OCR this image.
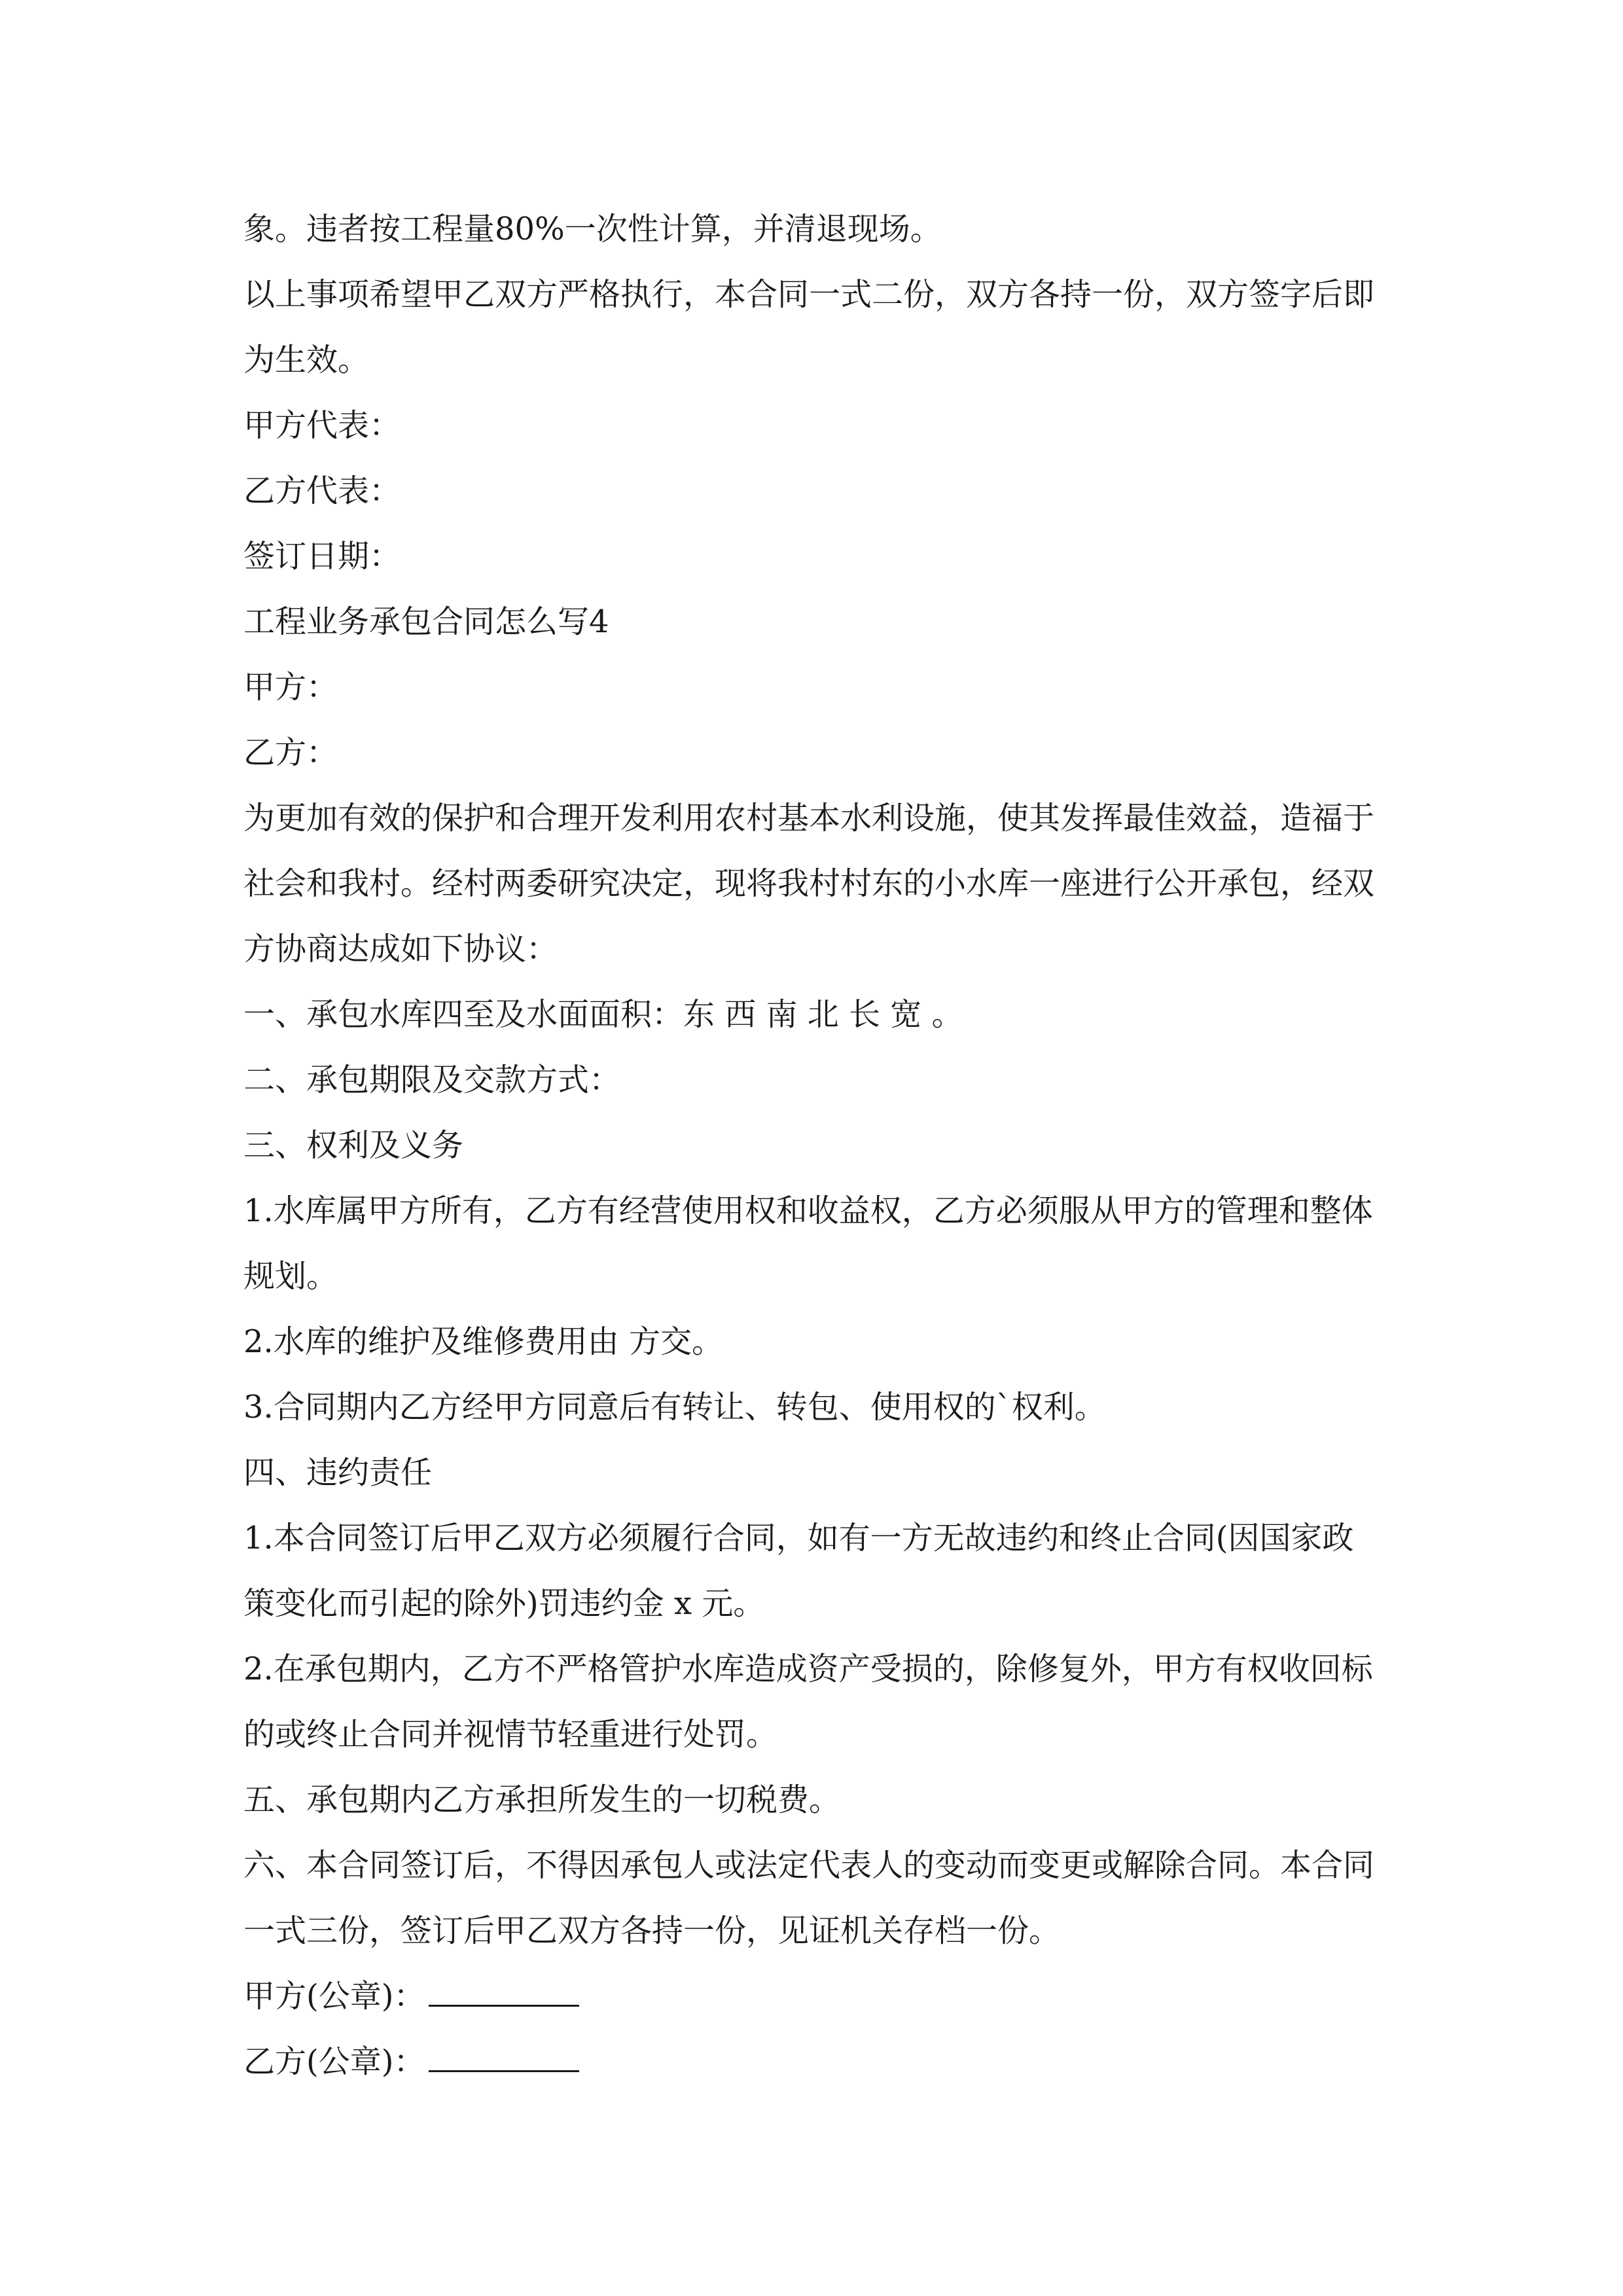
象。违者按工程量80%一次性计算，并清退现场。

以上事项希望甲乙双方严格执行，本合同一式二份，双方各持一份，双方签字后即为生效。

甲方代表：

乙方代表：

签订日期：

工程业务承包合同怎么写4

甲方：

乙方：

为更加有效的保护和合理开发利用农村基本水利设施，使其发挥最佳效益，造福于社会和我村。经村两委研究决定，现将我村村东的小水库一座进行公开承包，经双方协商达成如下协议：

一、承包水库四至及水面面积：东 西 南 北 长 宽 。

二、承包期限及交款方式：

三、权利及义务

1.水库属甲方所有，乙方有经营使用权和收益权，乙方必须服从甲方的管理和整体规划。

2.水库的维护及维修费用由 方交。

3.合同期内乙方经甲方同意后有转让、转包、使用权的`权利。

四、违约责任

1.本合同签订后甲乙双方必须履行合同，如有一方无故违约和终止合同(因国家政策变化而引起的除外)罚违约金 x 元。

2.在承包期内，乙方不严格管护水库造成资产受损的，除修复外，甲方有权收回标的或终止合同并视情节轻重进行处罚。

五、承包期内乙方承担所发生的一切税费。

六、本合同签订后，不得因承包人或法定代表人的变动而变更或解除合同。本合同一式三份，签订后甲乙双方各持一份，见证机关存档一份。

甲方(公章)：

乙方(公章)：
